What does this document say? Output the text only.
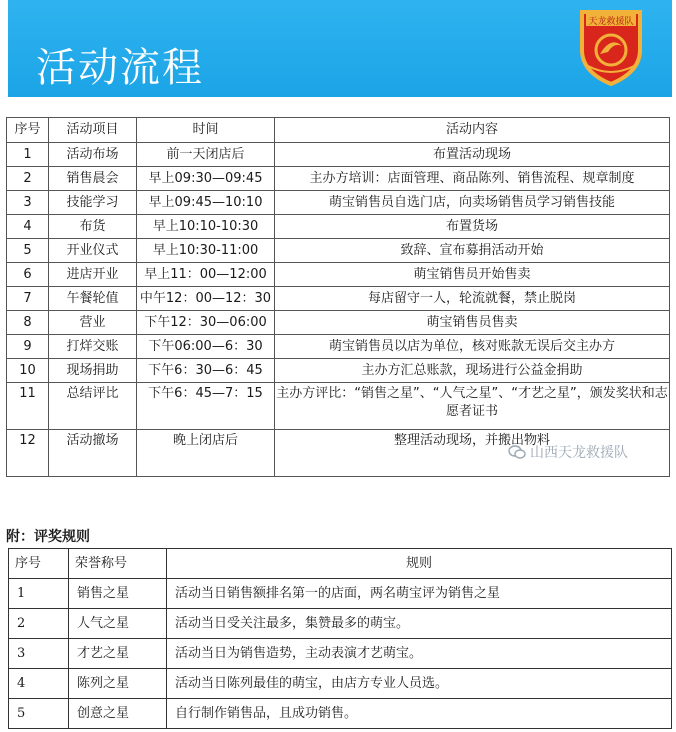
活动流程
天龙救援队
序号	活动项目	时间	活动内容
1	活动布场	前一天闭店后	布置活动现场
2	销售晨会	早上09:30—09:45	主办方培训：店面管理、商品陈列、销售流程、规章制度
3	技能学习	早上09:45—10:10	萌宝销售员自选门店，向卖场销售员学习销售技能
4	布货	早上10:10-10:30	布置货场
5	开业仪式	早上10:30-11:00	致辞、宣布募捐活动开始
6	进店开业	早上11：00—12:00	萌宝销售员开始售卖
7	午餐轮值	中午12：00—12：30	每店留守一人，轮流就餐，禁止脱岗
8	营业	下午12：30—06:00	萌宝销售员售卖
9	打烊交账	下午06:00—6：30	萌宝销售员以店为单位，核对账款无误后交主办方
10	现场捐助	下午6：30—6：45	主办方汇总账款，现场进行公益金捐助
11	总结评比	下午6：45—7：15	主办方评比：“销售之星”、“人气之星”、“才艺之星”，颁发奖状和志愿者证书
12	活动撤场	晚上闭店后	整理活动现场，并搬出物料
山西天龙救援队
附：评奖规则
序号	荣誉称号	规则
1	销售之星	活动当日销售额排名第一的店面，两名萌宝评为销售之星
2	人气之星	活动当日受关注最多，集赞最多的萌宝。
3	才艺之星	活动当日为销售造势，主动表演才艺萌宝。
4	陈列之星	活动当日陈列最佳的萌宝，由店方专业人员选。
5	创意之星	自行制作销售品，且成功销售。
